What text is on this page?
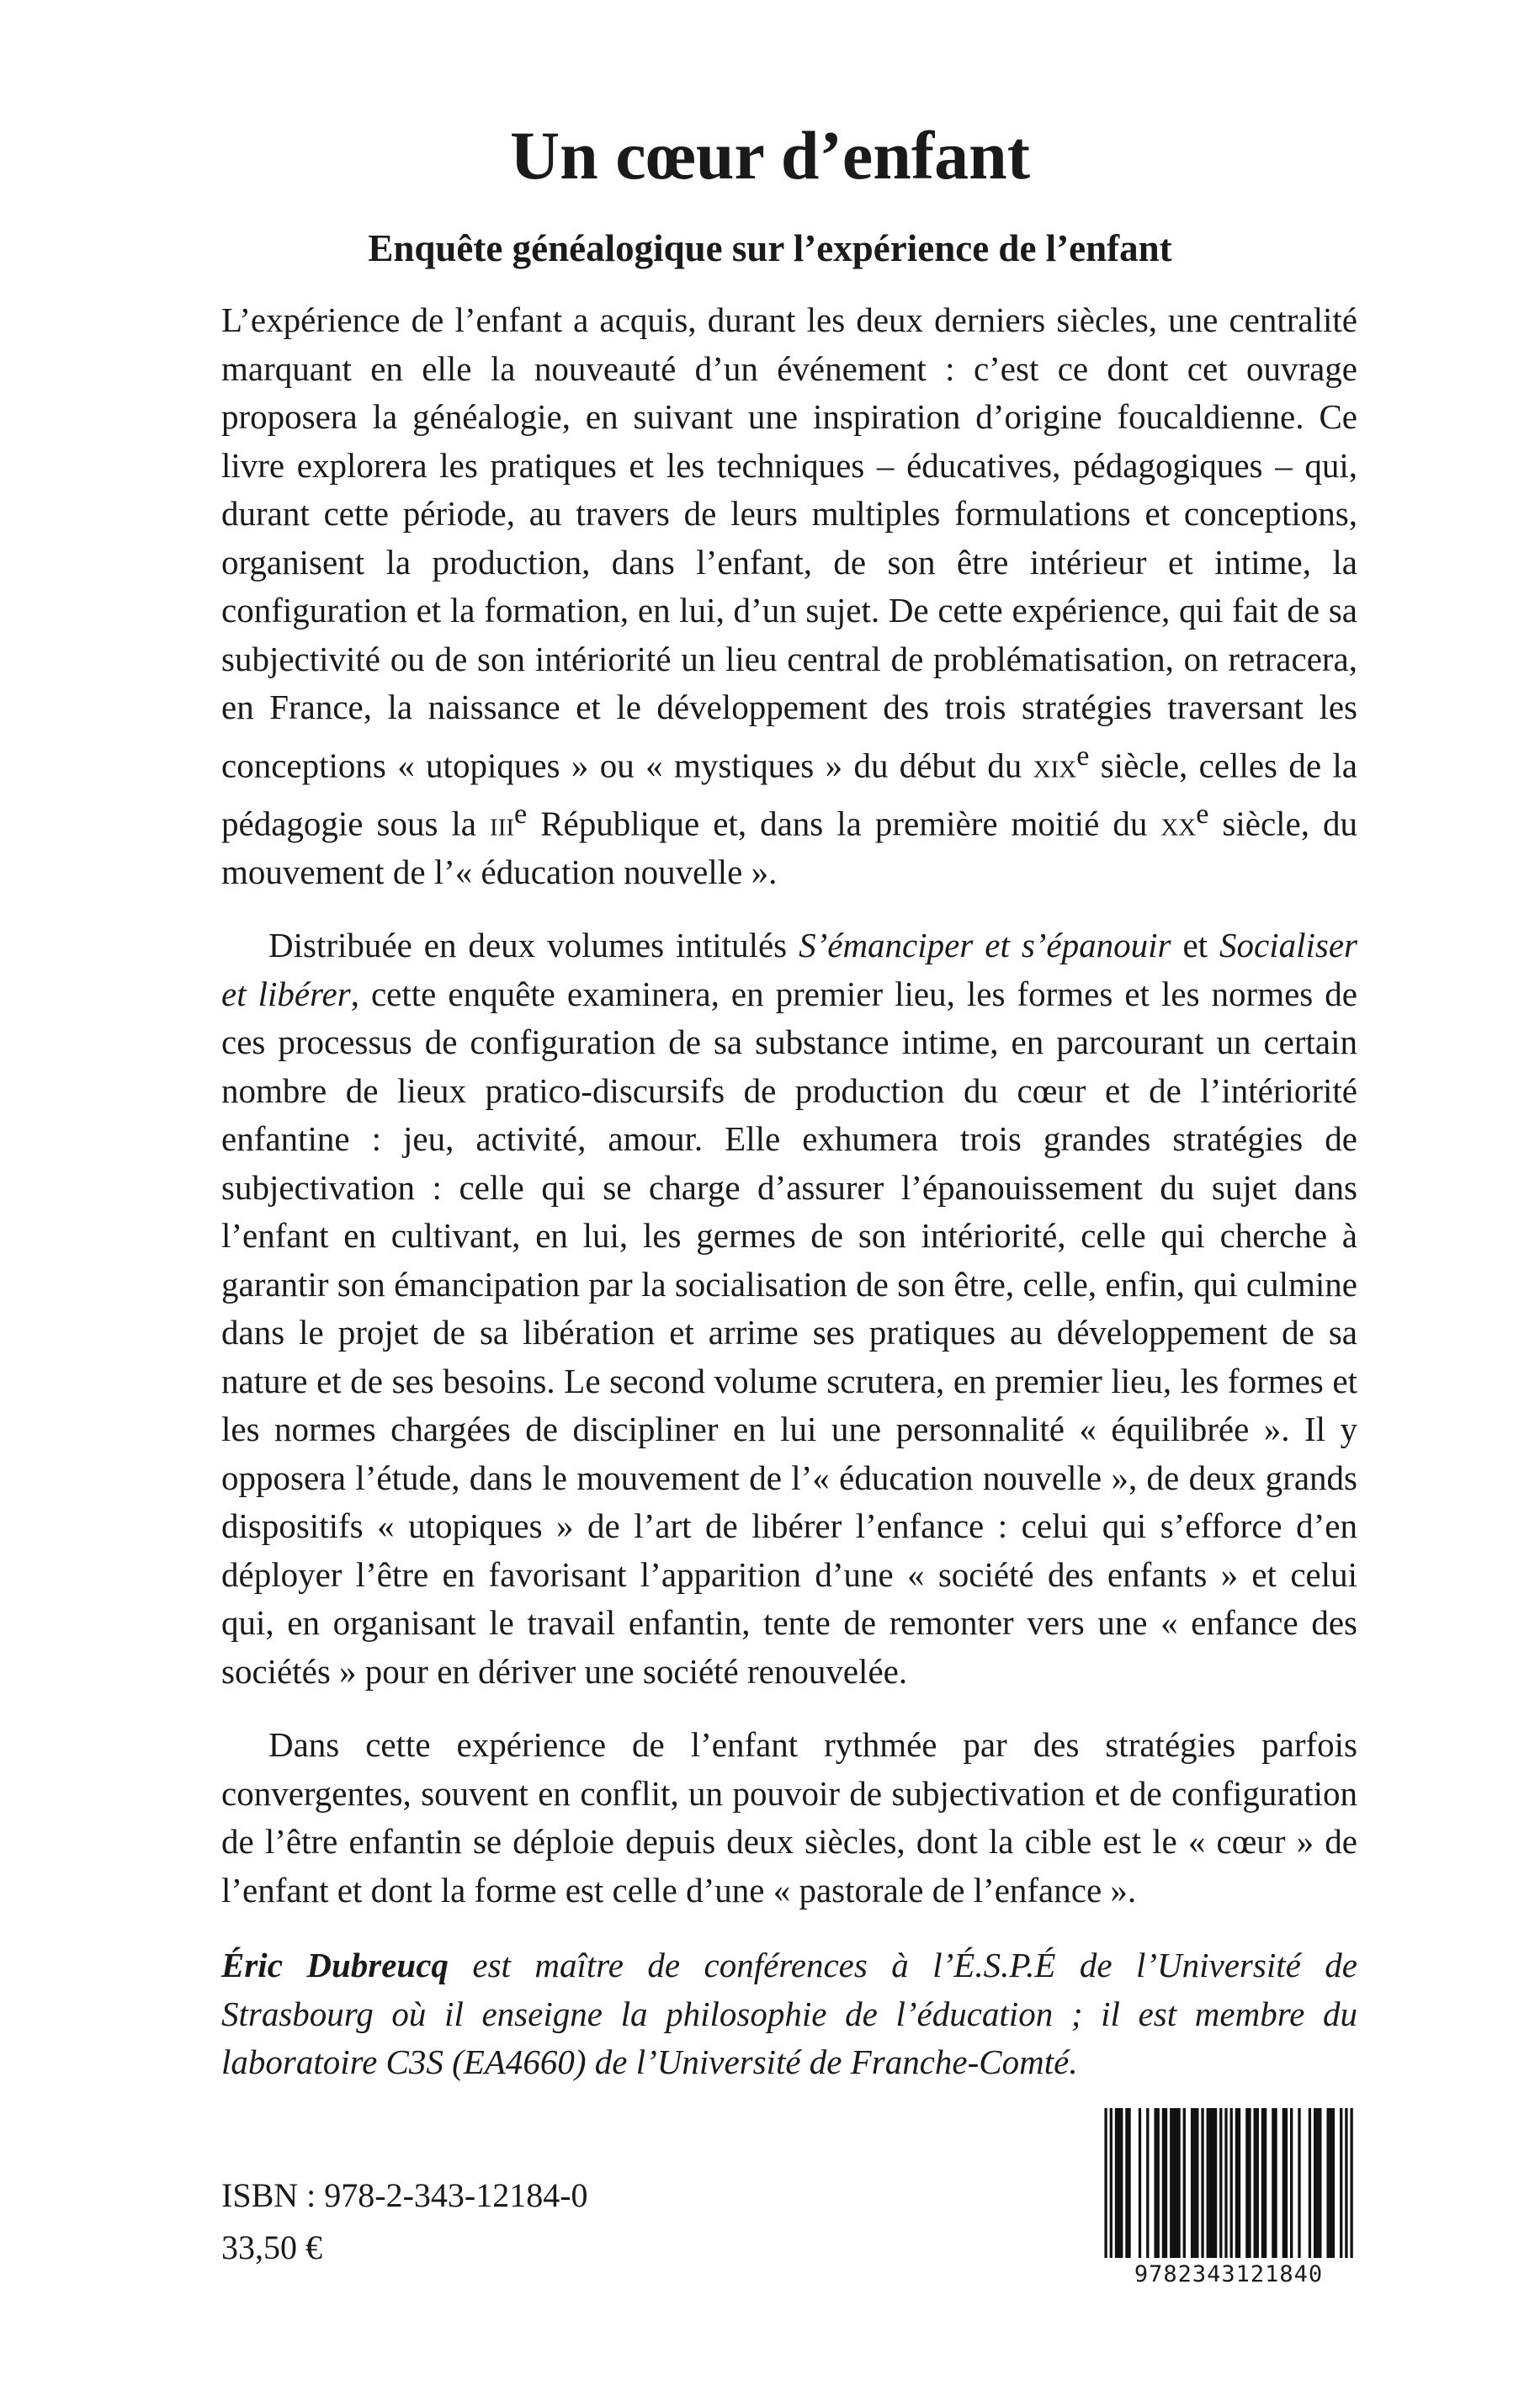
Un cœur d’enfant
Enquête généalogique sur l’expérience de l’enfant

L’expérience de l’enfant a acquis, durant les deux derniers siècles, une centralité marquant en elle la nouveauté d’un événement : c’est ce dont cet ouvrage proposera la généalogie, en suivant une inspiration d’origine foucaldienne. Ce livre explorera les pratiques et les techniques – éducatives, pédagogiques – qui, durant cette période, au travers de leurs multiples formulations et conceptions, organisent la production, dans l’enfant, de son être intérieur et intime, la configuration et la formation, en lui, d’un sujet. De cette expérience, qui fait de sa subjectivité ou de son intériorité un lieu central de problématisation, on retracera, en France, la naissance et le développement des trois stratégies traversant les conceptions « utopiques » ou « mystiques » du début du xix$^e$ siècle, celles de la pédagogie sous la iii$^e$ République et, dans la première moitié du $xx^e$ siècle, du mouvement de l’« éducation nouvelle ».

Distribuée en deux volumes intitulés S’émanciper et s’épanouir et Socialiser et libérer, cette enquête examinera, en premier lieu, les formes et les normes de ces processus de configuration de sa substance intime, en parcourant un certain nombre de lieux pratico-discursifs de production du cœur et de l’intériorité enfantine : jeu, activité, amour. Elle exhumera trois grandes stratégies de subjectivation : celle qui se charge d’assurer l’épanouissement du sujet dans l’enfant en cultivant, en lui, les germes de son intériorité, celle qui cherche à garantir son émancipation par la socialisation de son être, celle, enfin, qui culmine dans le projet de sa libération et arrime ses pratiques au développement de sa nature et de ses besoins. Le second volume scrutera, en premier lieu, les formes et les normes chargées de discipliner en lui une personnalité « équilibrée ». Il y opposera l’étude, dans le mouvement de l’« éducation nouvelle », de deux grands dispositifs « utopiques » de l’art de libérer l’enfance : celui qui s’efforce d’en déployer l’être en favorisant l’apparition d’une « société des enfants » et celui qui, en organisant le travail enfantin, tente de remonter vers une « enfance des sociétés » pour en dériver une société renouvelée.

Dans cette expérience de l’enfant rythmée par des stratégies parfois convergentes, souvent en conflit, un pouvoir de subjectivation et de configuration de l’être enfantin se déploie depuis deux siècles, dont la cible est le « cœur » de l’enfant et dont la forme est celle d’une « pastorale de l’enfance ».

Éric Dubreucq est maître de conférences à l’É.S.P.É de l’Université de Strasbourg où il enseigne la philosophie de l’éducation ; il est membre du laboratoire C3S (EA4660) de l’Université de Franche-Comté.

ISBN : 978-2-343-12184-0
33,50 €
9782343121840
